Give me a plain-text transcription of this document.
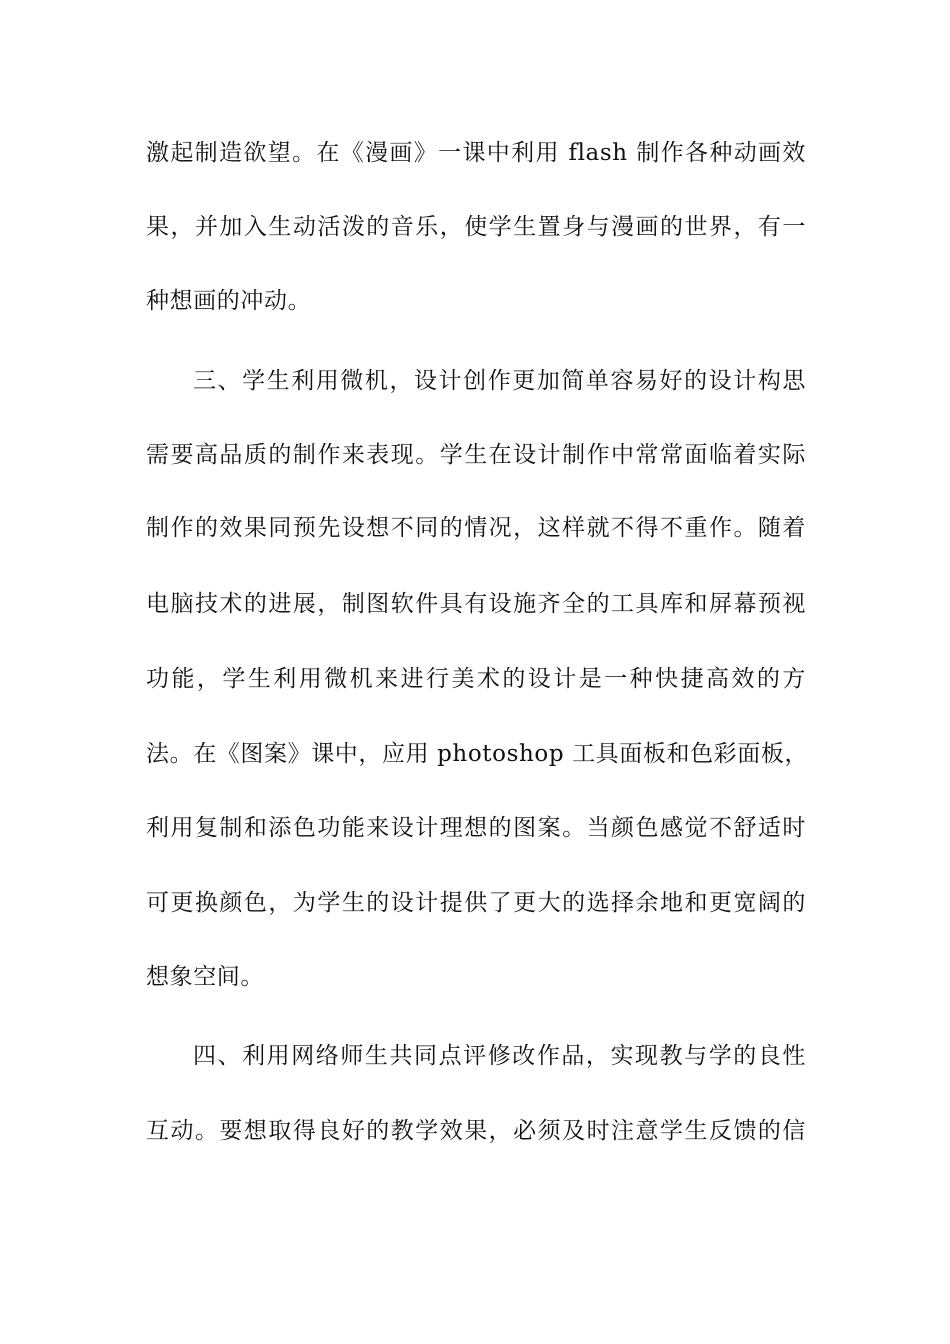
激起制造欲望。在《漫画》一课中利用 flash 制作各种动画效
果，并加入生动活泼的音乐，使学生置身与漫画的世界，有一
种想画的冲动。
三、学生利用微机，设计创作更加简单容易好的设计构思
需要高品质的制作来表现。学生在设计制作中常常面临着实际
制作的效果同预先设想不同的情况，这样就不得不重作。随着
电脑技术的进展，制图软件具有设施齐全的工具库和屏幕预视
功能，学生利用微机来进行美术的设计是一种快捷高效的方
法。在《图案》课中，应用 photoshop 工具面板和色彩面板，
利用复制和添色功能来设计理想的图案。当颜色感觉不舒适时
可更换颜色，为学生的设计提供了更大的选择余地和更宽阔的
想象空间。
四、利用网络师生共同点评修改作品，实现教与学的良性
互动。要想取得良好的教学效果，必须及时注意学生反馈的信
